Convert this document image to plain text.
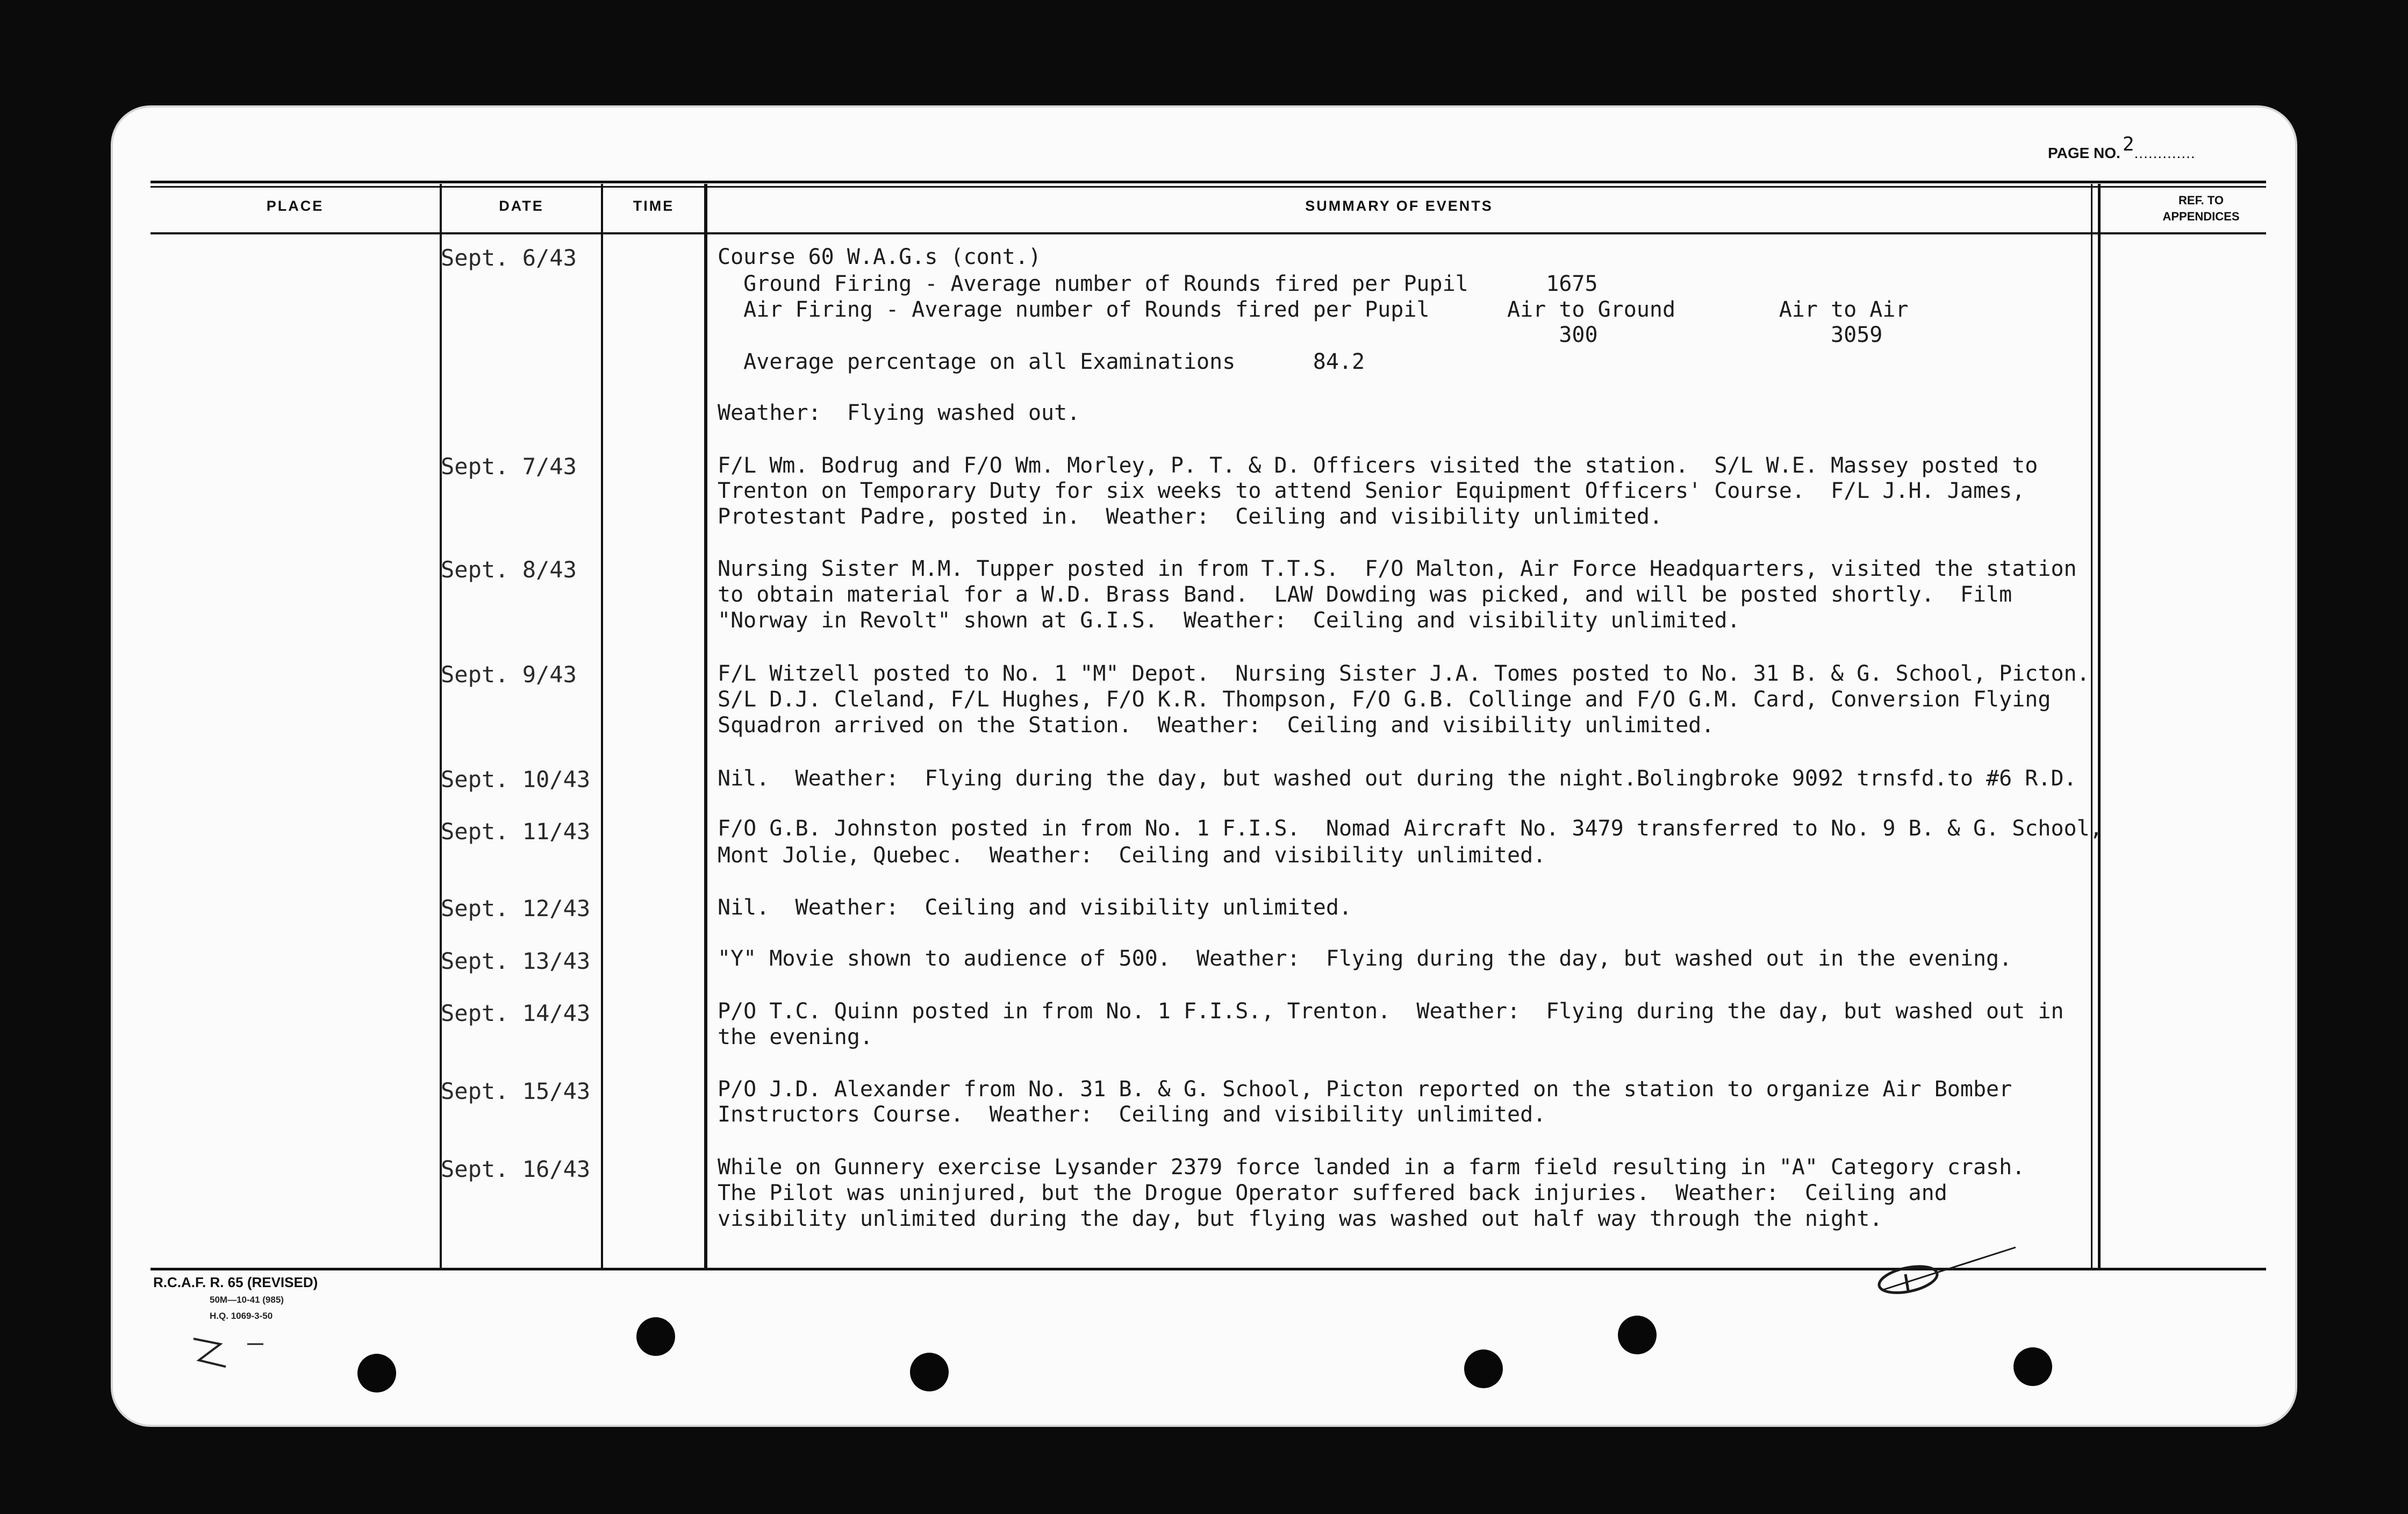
PAGE NO. 2.............
PLACE	DATE	TIME	SUMMARY OF EVENTS	REF. TO
APPENDICES
Sept. 6/43	Course 60 W.A.G.s (cont.)
Ground Firing - Average number of Rounds fired per Pupil      1675
Air Firing - Average number of Rounds fired per Pupil      Air to Ground        Air to Air
300                  3059
Average percentage on all Examinations      84.2
Weather:  Flying washed out.
Sept. 7/43	F/L Wm. Bodrug and F/O Wm. Morley, P. T. & D. Officers visited the station.  S/L W.E. Massey posted to
Trenton on Temporary Duty for six weeks to attend Senior Equipment Officers' Course.  F/L J.H. James,
Protestant Padre, posted in.  Weather:  Ceiling and visibility unlimited.
Sept. 8/43	Nursing Sister M.M. Tupper posted in from T.T.S.  F/O Malton, Air Force Headquarters, visited the station
to obtain material for a W.D. Brass Band.  LAW Dowding was picked, and will be posted shortly.  Film
"Norway in Revolt" shown at G.I.S.  Weather:  Ceiling and visibility unlimited.
Sept. 9/43	F/L Witzell posted to No. 1 "M" Depot.  Nursing Sister J.A. Tomes posted to No. 31 B. & G. School, Picton.
S/L D.J. Cleland, F/L Hughes, F/O K.R. Thompson, F/O G.B. Collinge and F/O G.M. Card, Conversion Flying
Squadron arrived on the Station.  Weather:  Ceiling and visibility unlimited.
Sept. 10/43	Nil.  Weather:  Flying during the day, but washed out during the night.Bolingbroke 9092 trnsfd.to #6 R.D.
Sept. 11/43	F/O G.B. Johnston posted in from No. 1 F.I.S.  Nomad Aircraft No. 3479 transferred to No. 9 B. & G. School,
Mont Jolie, Quebec.  Weather:  Ceiling and visibility unlimited.
Sept. 12/43	Nil.  Weather:  Ceiling and visibility unlimited.
Sept. 13/43	"Y" Movie shown to audience of 500.  Weather:  Flying during the day, but washed out in the evening.
Sept. 14/43	P/O T.C. Quinn posted in from No. 1 F.I.S., Trenton.  Weather:  Flying during the day, but washed out in
the evening.
Sept. 15/43	P/O J.D. Alexander from No. 31 B. & G. School, Picton reported on the station to organize Air Bomber
Instructors Course.  Weather:  Ceiling and visibility unlimited.
Sept. 16/43	While on Gunnery exercise Lysander 2379 force landed in a farm field resulting in "A" Category crash.
The Pilot was uninjured, but the Drogue Operator suffered back injuries.  Weather:  Ceiling and
visibility unlimited during the day, but flying was washed out half way through the night.
R.C.A.F. R. 65 (REVISED)
50M—10-41 (985)
H.Q. 1069-3-50
